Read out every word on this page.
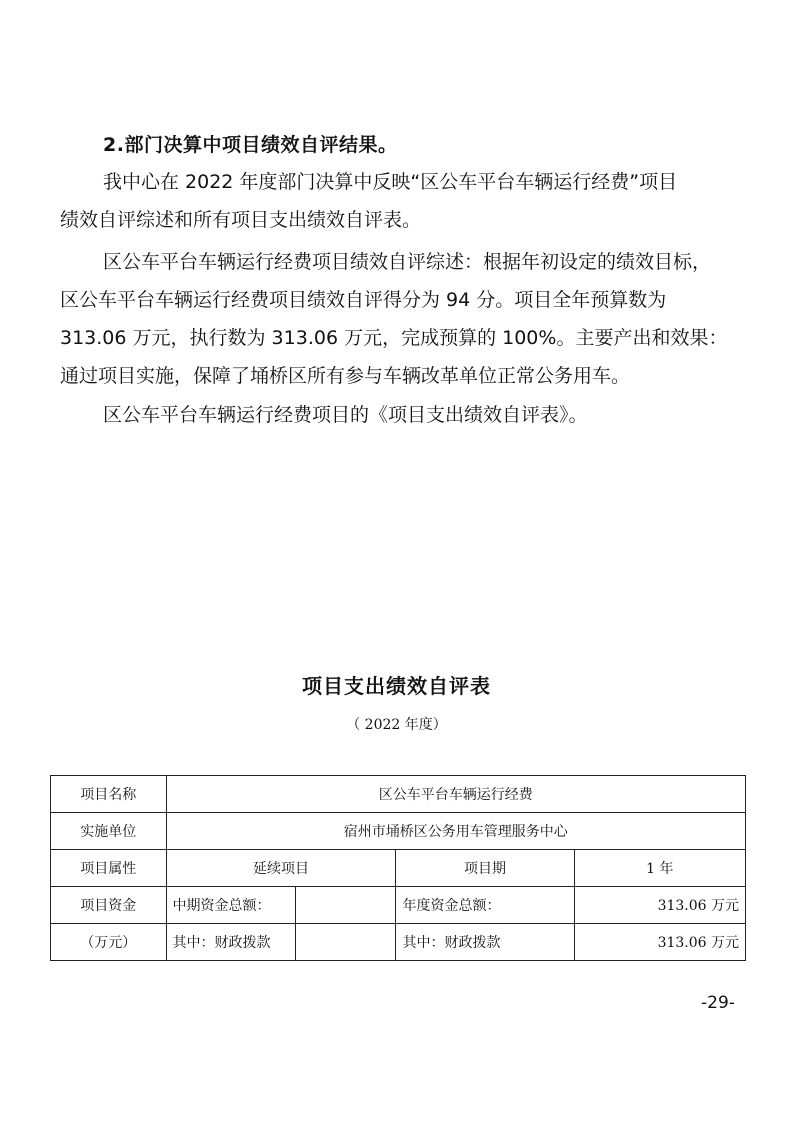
2.部门决算中项目绩效自评结果。
我中心在 2022 年度部门决算中反映“区公车平台车辆运行经费”项目
绩效自评综述和所有项目支出绩效自评表。
区公车平台车辆运行经费项目绩效自评综述：根据年初设定的绩效目标，
区公车平台车辆运行经费项目绩效自评得分为 94 分。项目全年预算数为
313.06 万元，执行数为 313.06 万元，完成预算的 100%。主要产出和效果：
通过项目实施，保障了埇桥区所有参与车辆改革单位正常公务用车。
区公车平台车辆运行经费项目的《项目支出绩效自评表》。
项目支出绩效自评表
（ 2022 年度）
项目名称	区公车平台车辆运行经费			
实施单位	宿州市埇桥区公务用车管理服务中心			
项目属性	延续项目		项目期	1 年
项目资金	中期资金总额：		年度资金总额：	313.06 万元
（万元）	其中：财政拨款		其中：财政拨款	313.06 万元
-29-
